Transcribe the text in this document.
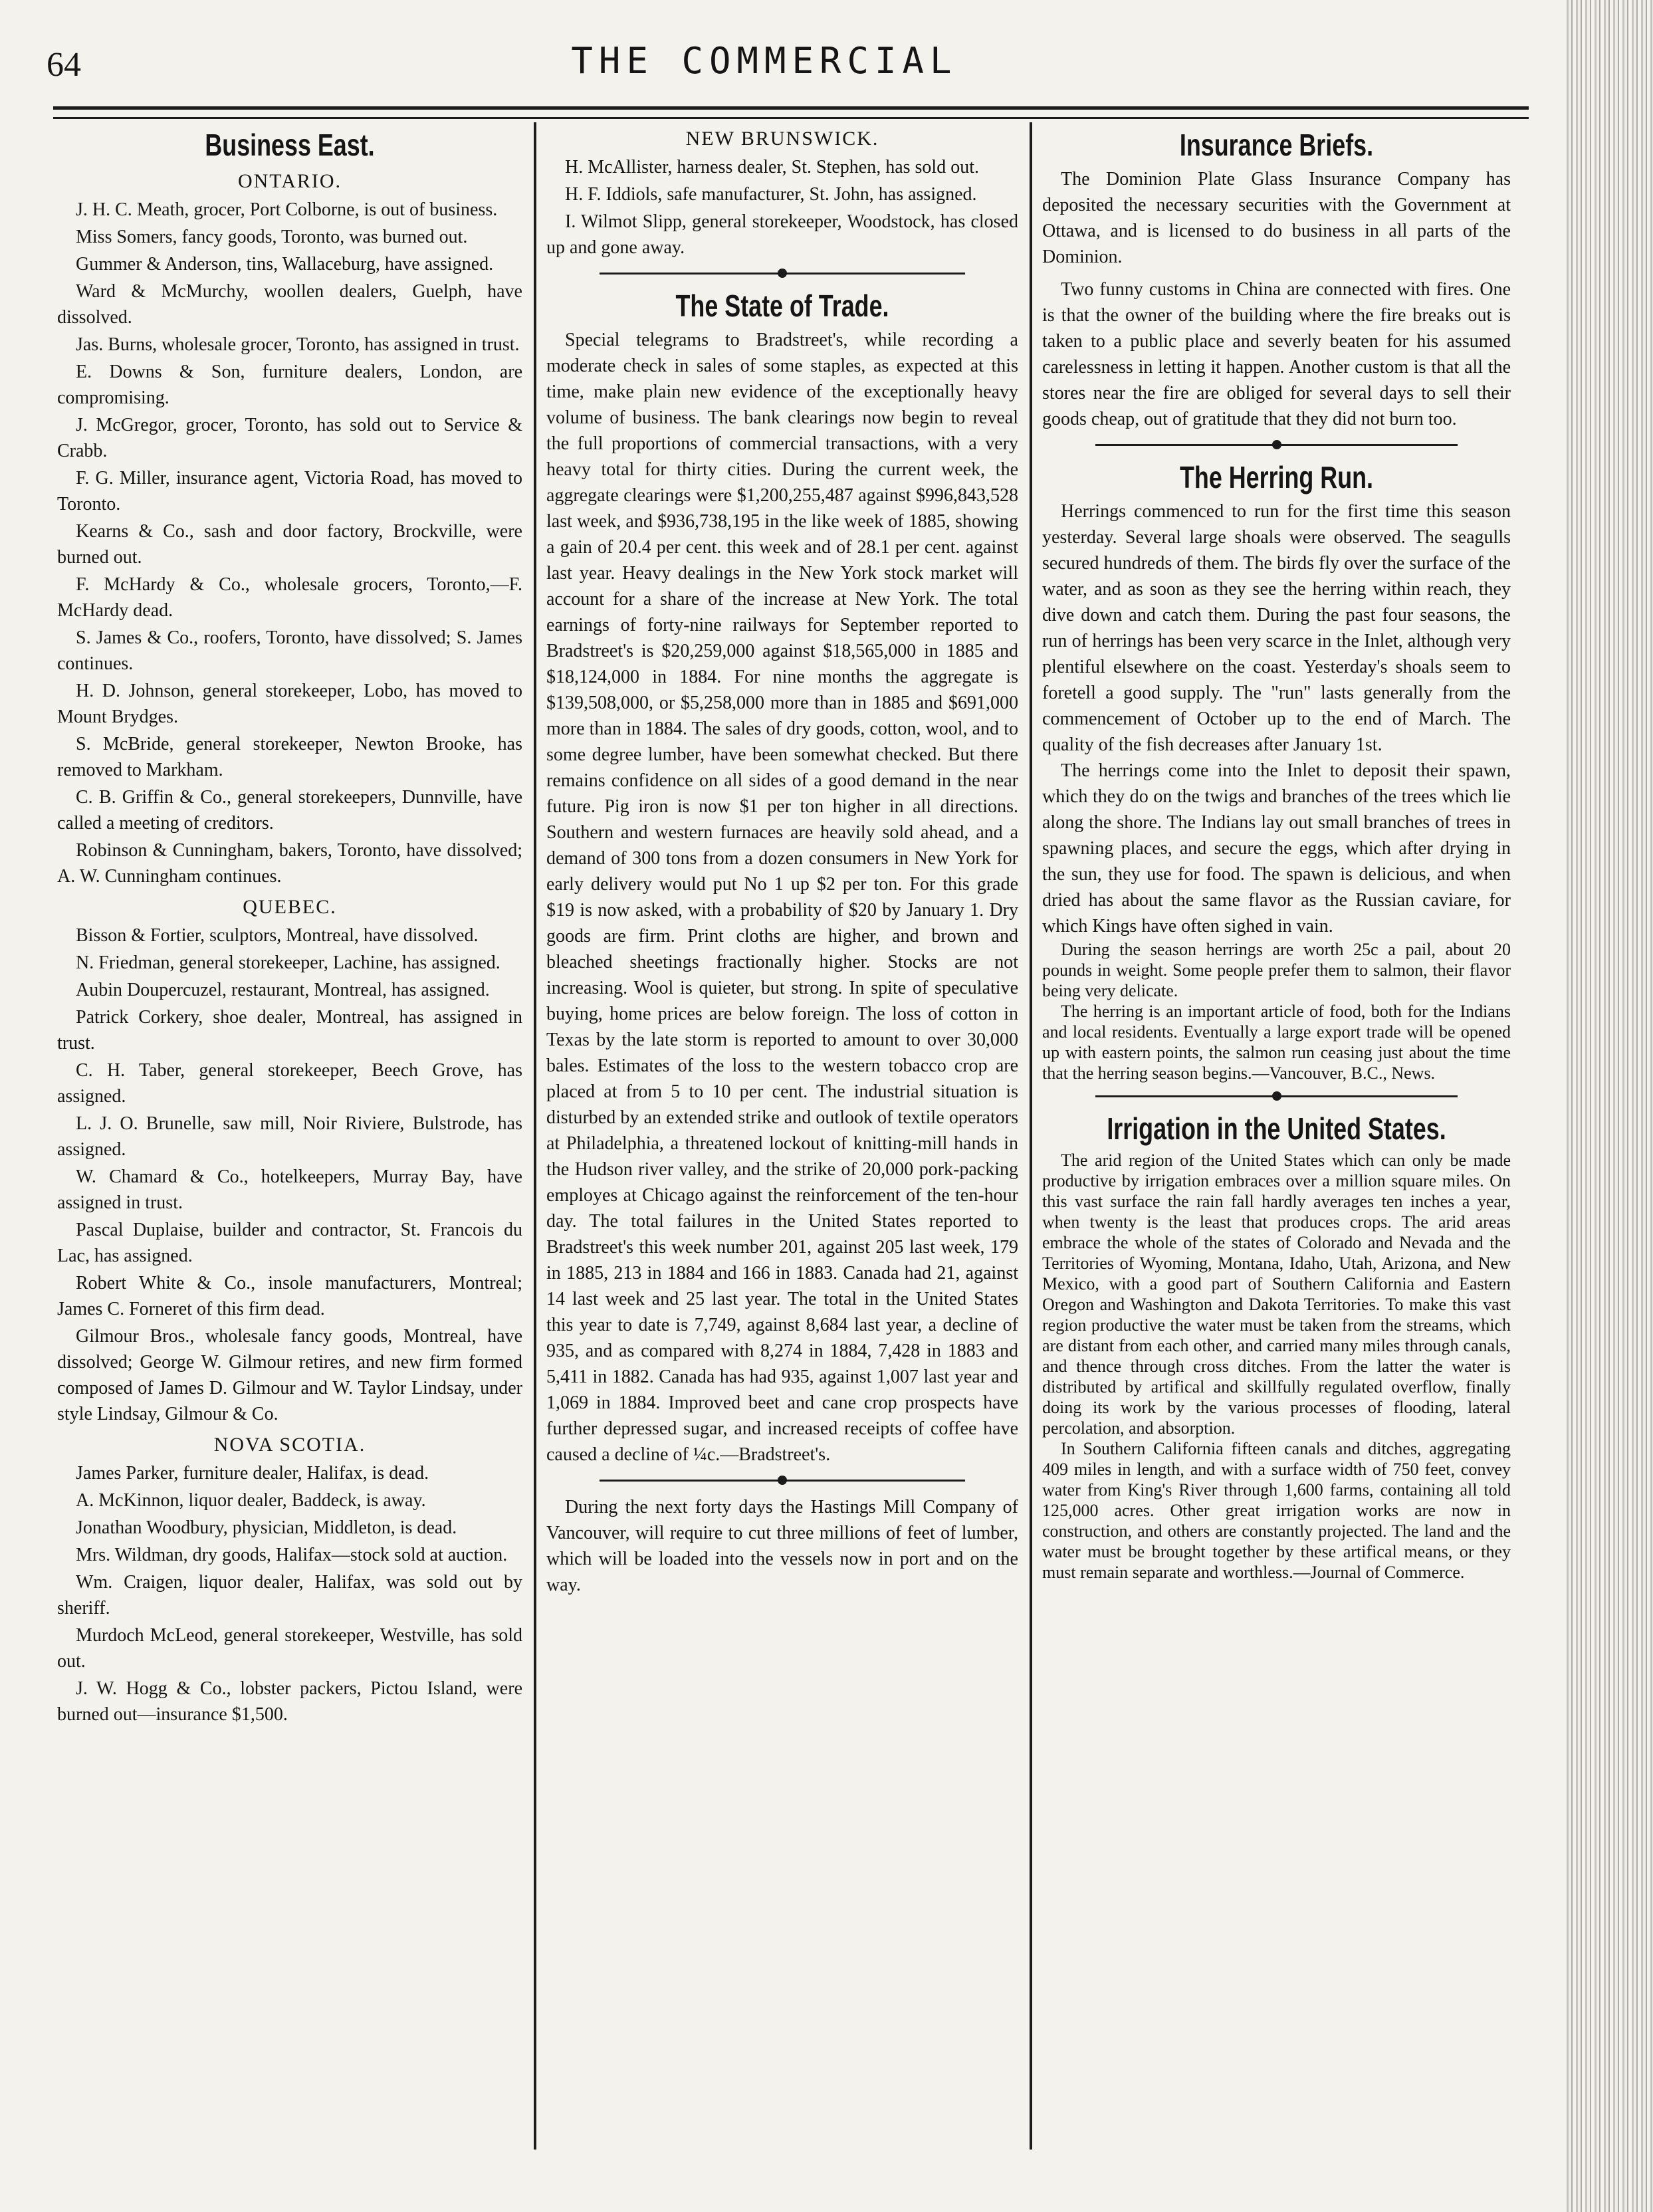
64	THE COMMERCIAL
Business East.
ONTARIO.

J. H. C. Meath, grocer, Port Colborne, is out of business.

Miss Somers, fancy goods, Toronto, was burned out.

Gummer & Anderson, tins, Wallaceburg, have assigned.

Ward & McMurchy, woollen dealers, Guelph, have dissolved.

Jas. Burns, wholesale grocer, Toronto, has assigned in trust.

E. Downs & Son, furniture dealers, London, are compromising.

J. McGregor, grocer, Toronto, has sold out to Service & Crabb.

F. G. Miller, insurance agent, Victoria Road, has moved to Toronto.

Kearns & Co., sash and door factory, Brockville, were burned out.

F. McHardy & Co., wholesale grocers, Toronto,—F. McHardy dead.

S. James & Co., roofers, Toronto, have dissolved; S. James continues.

H. D. Johnson, general storekeeper, Lobo, has moved to Mount Brydges.

S. McBride, general storekeeper, Newton Brooke, has removed to Markham.

C. B. Griffin & Co., general storekeepers, Dunnville, have called a meeting of creditors.

Robinson & Cunningham, bakers, Toronto, have dissolved; A. W. Cunningham continues.

QUEBEC.

Bisson & Fortier, sculptors, Montreal, have dissolved.

N. Friedman, general storekeeper, Lachine, has assigned.

Aubin Doupercuzel, restaurant, Montreal, has assigned.

Patrick Corkery, shoe dealer, Montreal, has assigned in trust.

C. H. Taber, general storekeeper, Beech Grove, has assigned.

L. J. O. Brunelle, saw mill, Noir Riviere, Bulstrode, has assigned.

W. Chamard & Co., hotelkeepers, Murray Bay, have assigned in trust.

Pascal Duplaise, builder and contractor, St. Francois du Lac, has assigned.

Robert White & Co., insole manufacturers, Montreal; James C. Forneret of this firm dead.

Gilmour Bros., wholesale fancy goods, Montreal, have dissolved; George W. Gilmour retires, and new firm formed composed of James D. Gilmour and W. Taylor Lindsay, under style Lindsay, Gilmour & Co.

NOVA SCOTIA.

James Parker, furniture dealer, Halifax, is dead.

A. McKinnon, liquor dealer, Baddeck, is away.

Jonathan Woodbury, physician, Middleton, is dead.

Mrs. Wildman, dry goods, Halifax—stock sold at auction.

Wm. Craigen, liquor dealer, Halifax, was sold out by sheriff.

Murdoch McLeod, general storekeeper, Westville, has sold out.

J. W. Hogg & Co., lobster packers, Pictou Island, were burned out—insurance $1,500.

NEW BRUNSWICK.

H. McAllister, harness dealer, St. Stephen, has sold out.

H. F. Iddiols, safe manufacturer, St. John, has assigned.

I. Wilmot Slipp, general storekeeper, Woodstock, has closed up and gone away.

The State of Trade.

Special telegrams to Bradstreet's, while recording a moderate check in sales of some staples, as expected at this time, make plain new evidence of the exceptionally heavy volume of business. The bank clearings now begin to reveal the full proportions of commercial transactions, with a very heavy total for thirty cities. During the current week, the aggregate clearings were $1,200,255,487 against $996,843,528 last week, and $936,738,195 in the like week of 1885, showing a gain of 20.4 per cent. this week and of 28.1 per cent. against last year. Heavy dealings in the New York stock market will account for a share of the increase at New York. The total earnings of forty-nine railways for September reported to Bradstreet's is $20,259,000 against $18,565,000 in 1885 and $18,124,000 in 1884. For nine months the aggregate is $139,508,000, or $5,258,000 more than in 1885 and $691,000 more than in 1884. The sales of dry goods, cotton, wool, and to some degree lumber, have been somewhat checked. But there remains confidence on all sides of a good demand in the near future. Pig iron is now $1 per ton higher in all directions. Southern and western furnaces are heavily sold ahead, and a demand of 300 tons from a dozen consumers in New York for early delivery would put No 1 up $2 per ton. For this grade $19 is now asked, with a probability of $20 by January 1. Dry goods are firm. Print cloths are higher, and brown and bleached sheetings fractionally higher. Stocks are not increasing. Wool is quieter, but strong. In spite of speculative buying, home prices are below foreign. The loss of cotton in Texas by the late storm is reported to amount to over 30,000 bales. Estimates of the loss to the western tobacco crop are placed at from 5 to 10 per cent. The industrial situation is disturbed by an extended strike and outlook of textile operators at Philadelphia, a threatened lockout of knitting-mill hands in the Hudson river valley, and the strike of 20,000 pork-packing employes at Chicago against the reinforcement of the ten-hour day. The total failures in the United States reported to Bradstreet's this week number 201, against 205 last week, 179 in 1885, 213 in 1884 and 166 in 1883. Canada had 21, against 14 last week and 25 last year. The total in the United States this year to date is 7,749, against 8,684 last year, a decline of 935, and as compared with 8,274 in 1884, 7,428 in 1883 and 5,411 in 1882. Canada has had 935, against 1,007 last year and 1,069 in 1884. Improved beet and cane crop prospects have further depressed sugar, and increased receipts of coffee have caused a decline of ¼c.—Bradstreet's.

During the next forty days the Hastings Mill Company of Vancouver, will require to cut three millions of feet of lumber, which will be loaded into the vessels now in port and on the way.

Insurance Briefs.

The Dominion Plate Glass Insurance Company has deposited the necessary securities with the Government at Ottawa, and is licensed to do business in all parts of the Dominion.

Two funny customs in China are connected with fires. One is that the owner of the building where the fire breaks out is taken to a public place and severly beaten for his assumed carelessness in letting it happen. Another custom is that all the stores near the fire are obliged for several days to sell their goods cheap, out of gratitude that they did not burn too.

The Herring Run.

Herrings commenced to run for the first time this season yesterday. Several large shoals were observed. The seagulls secured hundreds of them. The birds fly over the surface of the water, and as soon as they see the herring within reach, they dive down and catch them. During the past four seasons, the run of herrings has been very scarce in the Inlet, although very plentiful elsewhere on the coast. Yesterday's shoals seem to foretell a good supply. The "run" lasts generally from the commencement of October up to the end of March. The quality of the fish decreases after January 1st.

The herrings come into the Inlet to deposit their spawn, which they do on the twigs and branches of the trees which lie along the shore. The Indians lay out small branches of trees in spawning places, and secure the eggs, which after drying in the sun, they use for food. The spawn is delicious, and when dried has about the same flavor as the Russian caviare, for which Kings have often sighed in vain.

During the season herrings are worth 25c a pail, about 20 pounds in weight. Some people prefer them to salmon, their flavor being very delicate.

The herring is an important article of food, both for the Indians and local residents. Eventually a large export trade will be opened up with eastern points, the salmon run ceasing just about the time that the herring season begins.—Vancouver, B.C., News.

Irrigation in the United States.

The arid region of the United States which can only be made productive by irrigation embraces over a million square miles. On this vast surface the rain fall hardly averages ten inches a year, when twenty is the least that produces crops. The arid areas embrace the whole of the states of Colorado and Nevada and the Territories of Wyoming, Montana, Idaho, Utah, Arizona, and New Mexico, with a good part of Southern California and Eastern Oregon and Washington and Dakota Territories. To make this vast region productive the water must be taken from the streams, which are distant from each other, and carried many miles through canals, and thence through cross ditches. From the latter the water is distributed by artifical and skillfully regulated overflow, finally doing its work by the various processes of flooding, lateral percolation, and absorption.

In Southern California fifteen canals and ditches, aggregating 409 miles in length, and with a surface width of 750 feet, convey water from King's River through 1,600 farms, containing all told 125,000 acres. Other great irrigation works are now in construction, and others are constantly projected. The land and the water must be brought together by these artifical means, or they must remain separate and worthless.—Journal of Commerce.
